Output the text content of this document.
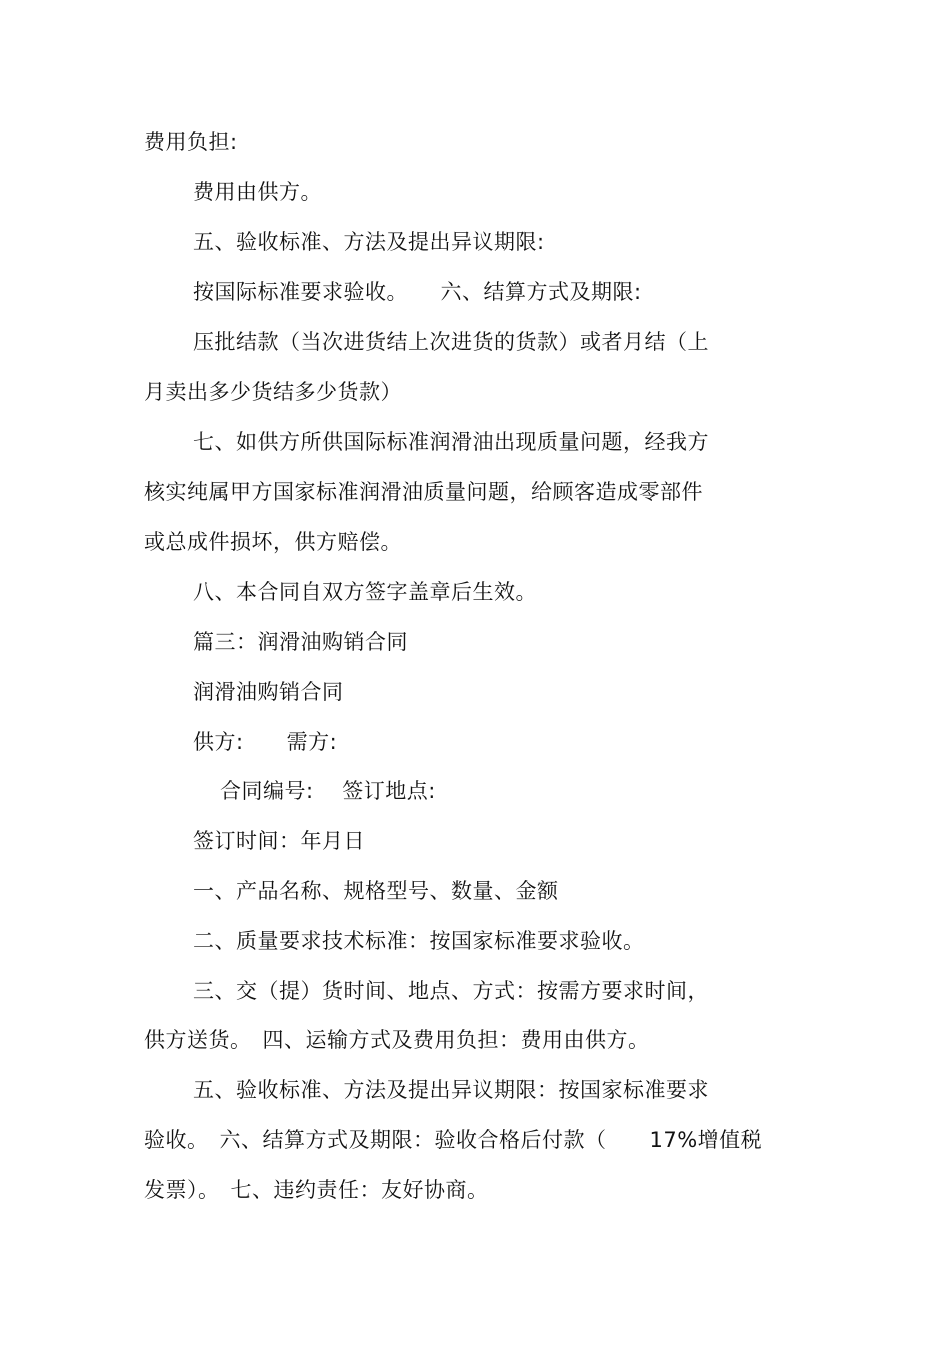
费用负担:
费用由供方。
五、验收标准、方法及提出异议期限:
按国际标准要求验收。　　六、结算方式及期限:
压批结款（当次进货结上次进货的货款）或者月结（上
月卖出多少货结多少货款）
七、如供方所供国际标准润滑油出现质量问题，经我方
核实纯属甲方国家标准润滑油质量问题，给顾客造成零部件
或总成件损坏，供方赔偿。
八、本合同自双方签字盖章后生效。
篇三：润滑油购销合同
润滑油购销合同
供方:　　需方:
合同编号:　 签订地点:
签订时间：年月日
一、产品名称、规格型号、数量、金额
二、质量要求技术标准：按国家标准要求验收。
三、交（提）货时间、地点、方式：按需方要求时间，
供方送货。　四、运输方式及费用负担：费用由供方。
五、验收标准、方法及提出异议期限：按国家标准要求
验收。　六、结算方式及期限：验收合格后付款（　　17%增值税
发票）。　七、违约责任：友好协商。
